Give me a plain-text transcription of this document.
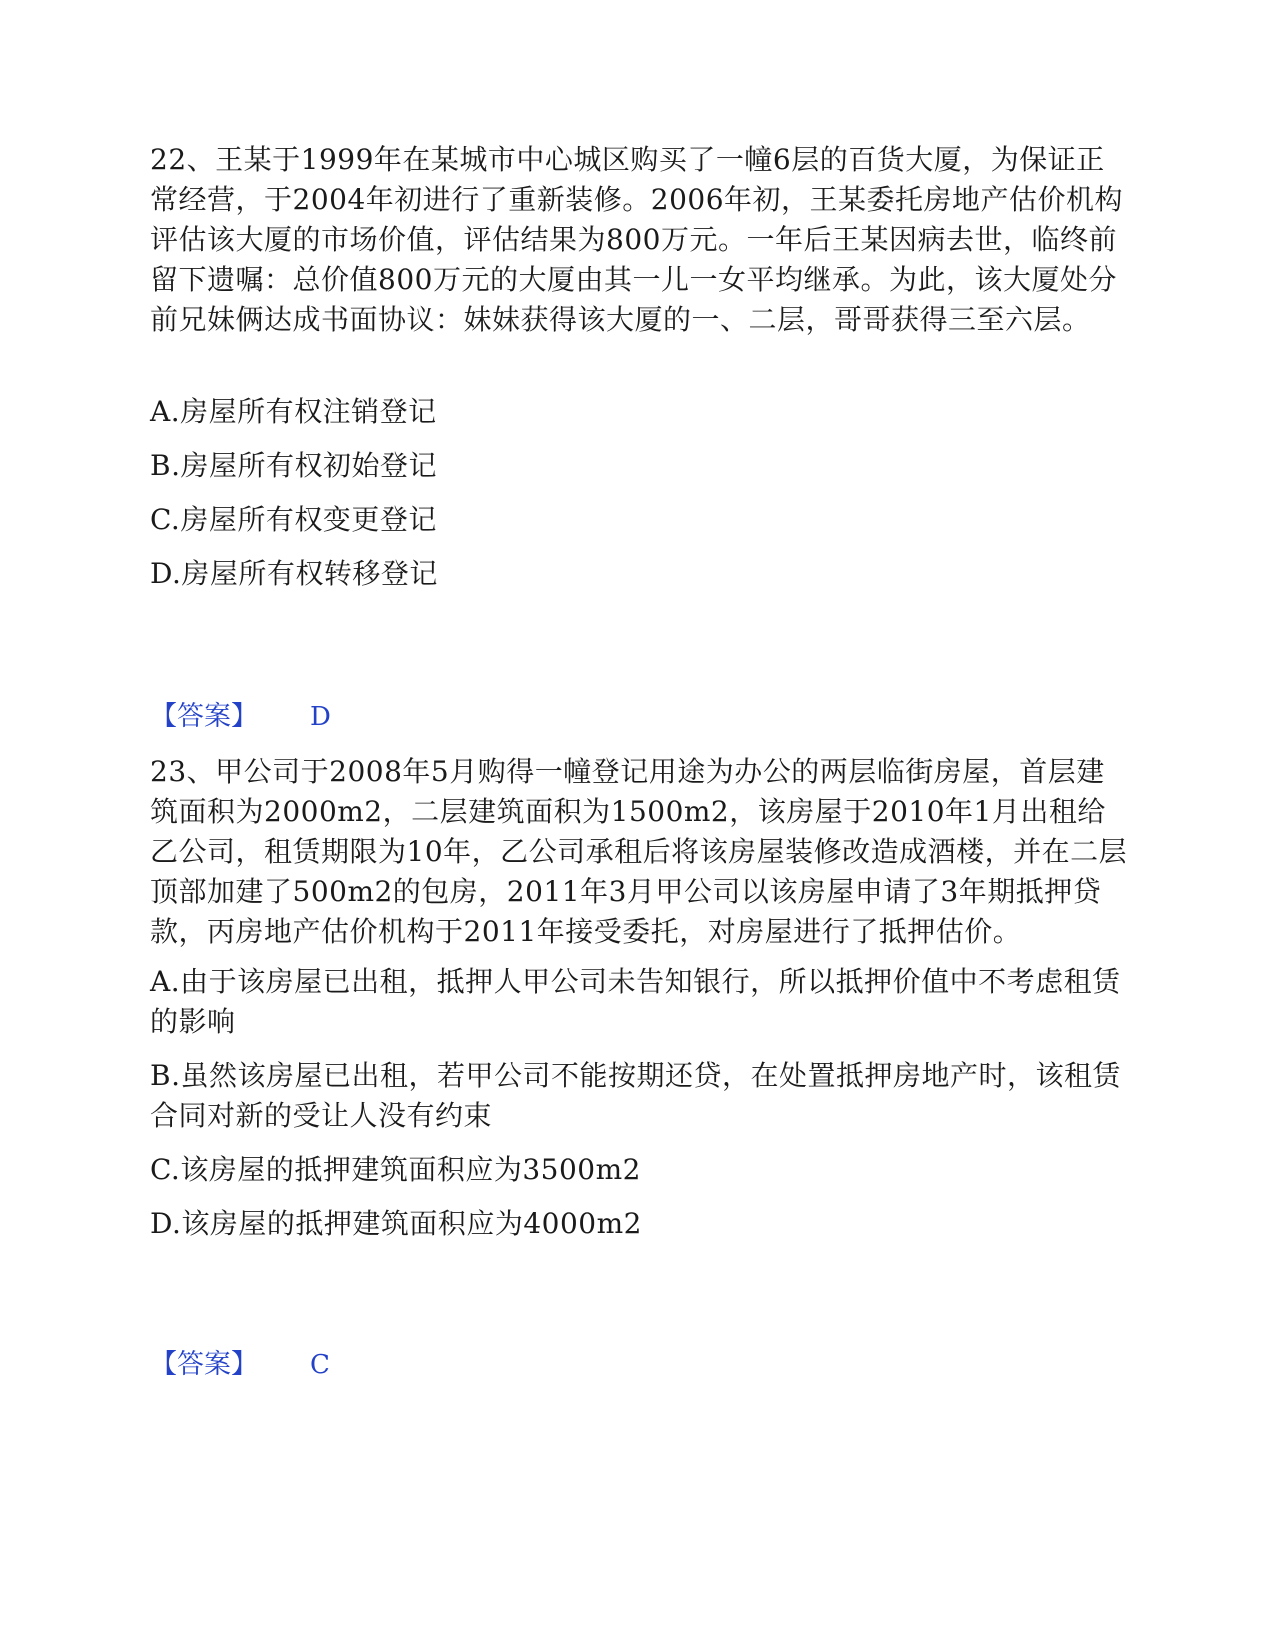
22、王某于1999年在某城市中心城区购买了一幢6层的百货大厦，为保证正常经营，于2004年初进行了重新装修。2006年初，王某委托房地产估价机构评估该大厦的市场价值，评估结果为800万元。一年后王某因病去世，临终前留下遗嘱：总价值800万元的大厦由其一儿一女平均继承。为此，该大厦处分前兄妹俩达成书面协议：妹妹获得该大厦的一、二层，哥哥获得三至六层。

A.房屋所有权注销登记
B.房屋所有权初始登记
C.房屋所有权变更登记
D.房屋所有权转移登记
【答案】 D

23、甲公司于2008年5月购得一幢登记用途为办公的两层临街房屋，首层建筑面积为2000m2，二层建筑面积为1500m2，该房屋于2010年1月出租给乙公司，租赁期限为10年，乙公司承租后将该房屋装修改造成酒楼，并在二层顶部加建了500m2的包房，2011年3月甲公司以该房屋申请了3年期抵押贷款，丙房地产估价机构于2011年接受委托，对房屋进行了抵押估价。

A.由于该房屋已出租，抵押人甲公司未告知银行，所以抵押价值中不考虑租赁的影响
B.虽然该房屋已出租，若甲公司不能按期还贷，在处置抵押房地产时，该租赁合同对新的受让人没有约束
C.该房屋的抵押建筑面积应为3500m2
D.该房屋的抵押建筑面积应为4000m2
【答案】 C
